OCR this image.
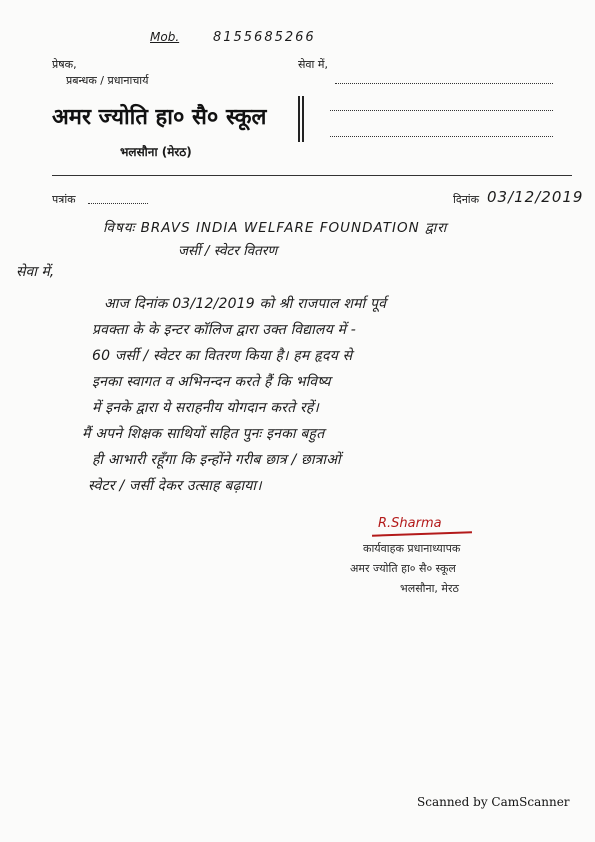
Mob.	8155685266
प्रेषक,
प्रबन्धक / प्रधानाचार्य
अमर ज्योति हा० सै० स्कूल
भलसौना (मेरठ)
सेवा में,
पत्रांक	दिनांक 03/12/2019
विषयः BRAVS INDIA WELFARE FOUNDATION द्वारा
जर्सी / स्वेटर वितरण
सेवा में,
आज दिनांक 03/12/2019 को श्री राजपाल शर्मा पूर्व
प्रवक्ता के के इन्टर कॉलिज द्वारा उक्त विद्यालय में -
60 जर्सी / स्वेटर का वितरण किया है। हम हृदय से
इनका स्वागत व अभिनन्दन करते हैं कि भविष्य
में इनके द्वारा ये सराहनीय योगदान करते रहें।
मैं अपने शिक्षक साथियों सहित पुनः इनका बहुत
ही आभारी रहूँगा कि इन्होंने गरीब छात्र / छात्राओं
स्वेटर / जर्सी देकर उत्साह बढ़ाया।
R.Sharma
कार्यवाहक प्रधानाध्यापक
अमर ज्योति हा० सै० स्कूल
भलसौना, मेरठ
Scanned by CamScanner
